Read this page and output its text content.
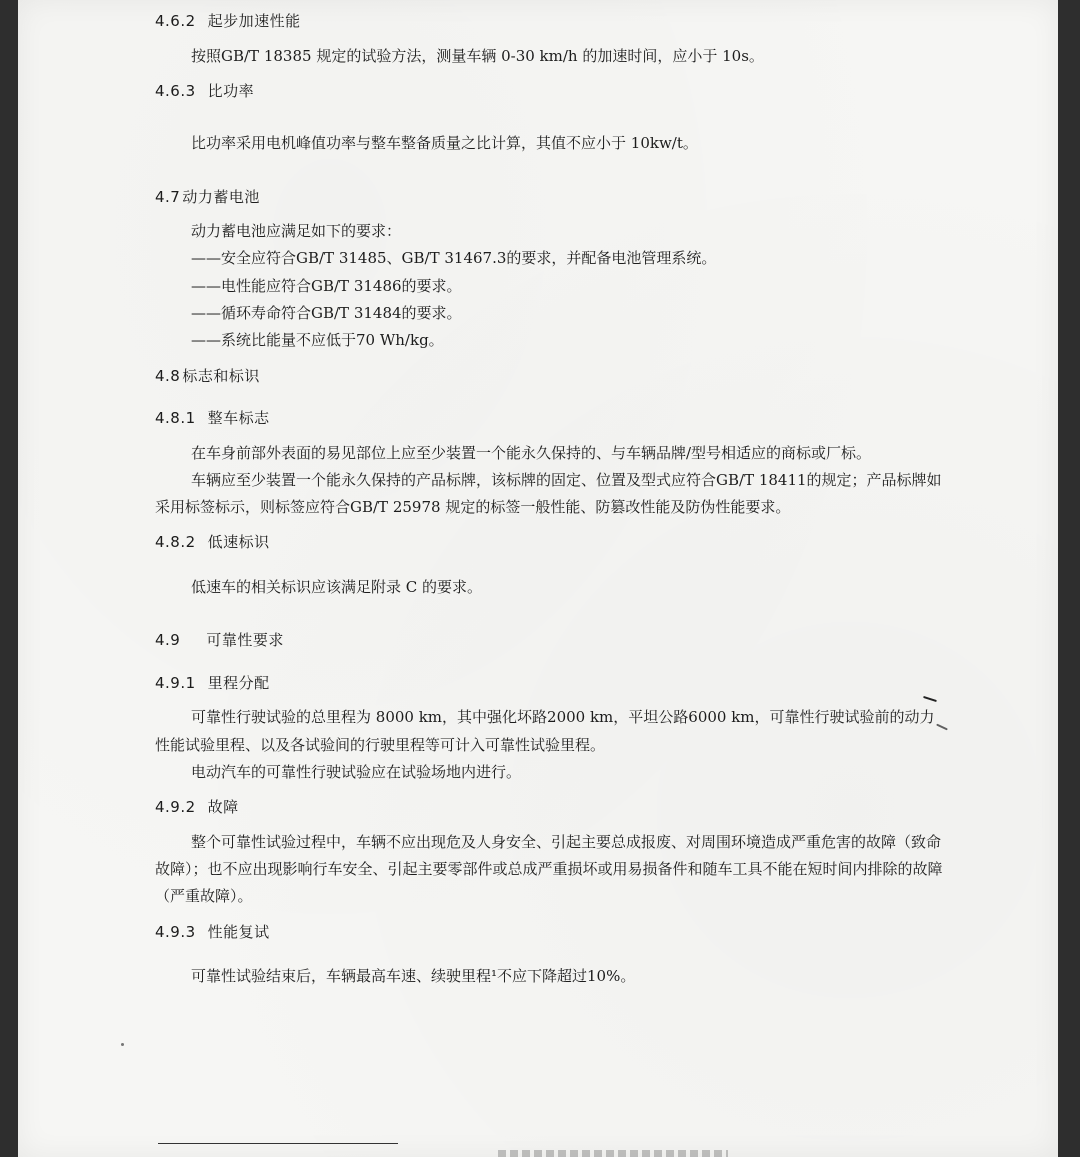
4.6.2 起步加速性能

按照GB/T 18385 规定的试验方法，测量车辆 0-30 km/h 的加速时间，应小于 10s。

4.6.3 比功率

比功率采用电机峰值功率与整车整备质量之比计算，其值不应小于 10kw/t。

4.7 动力蓄电池

动力蓄电池应满足如下的要求：

——安全应符合GB/T 31485、GB/T 31467.3的要求，并配备电池管理系统。

——电性能应符合GB/T 31486的要求。

——循环寿命符合GB/T 31484的要求。

——系统比能量不应低于70 Wh/kg。

4.8 标志和标识

4.8.1 整车标志

在车身前部外表面的易见部位上应至少装置一个能永久保持的、与车辆品牌/型号相适应的商标或厂标。

车辆应至少装置一个能永久保持的产品标牌，该标牌的固定、位置及型式应符合GB/T 18411的规定；产品标牌如采用标签标示，则标签应符合GB/T 25978 规定的标签一般性能、防篡改性能及防伪性能要求。

4.8.2 低速标识

低速车的相关标识应该满足附录 C 的要求。

4.9 可靠性要求

4.9.1 里程分配

可靠性行驶试验的总里程为 8000 km，其中强化坏路2000 km，平坦公路6000 km，可靠性行驶试验前的动力性能试验里程、以及各试验间的行驶里程等可计入可靠性试验里程。

电动汽车的可靠性行驶试验应在试验场地内进行。

4.9.2 故障

整个可靠性试验过程中，车辆不应出现危及人身安全、引起主要总成报废、对周围环境造成严重危害的故障（致命故障）；也不应出现影响行车安全、引起主要零部件或总成严重损坏或用易损备件和随车工具不能在短时间内排除的故障（严重故障）。

4.9.3 性能复试

可靠性试验结束后，车辆最高车速、续驶里程¹不应下降超过10%。
